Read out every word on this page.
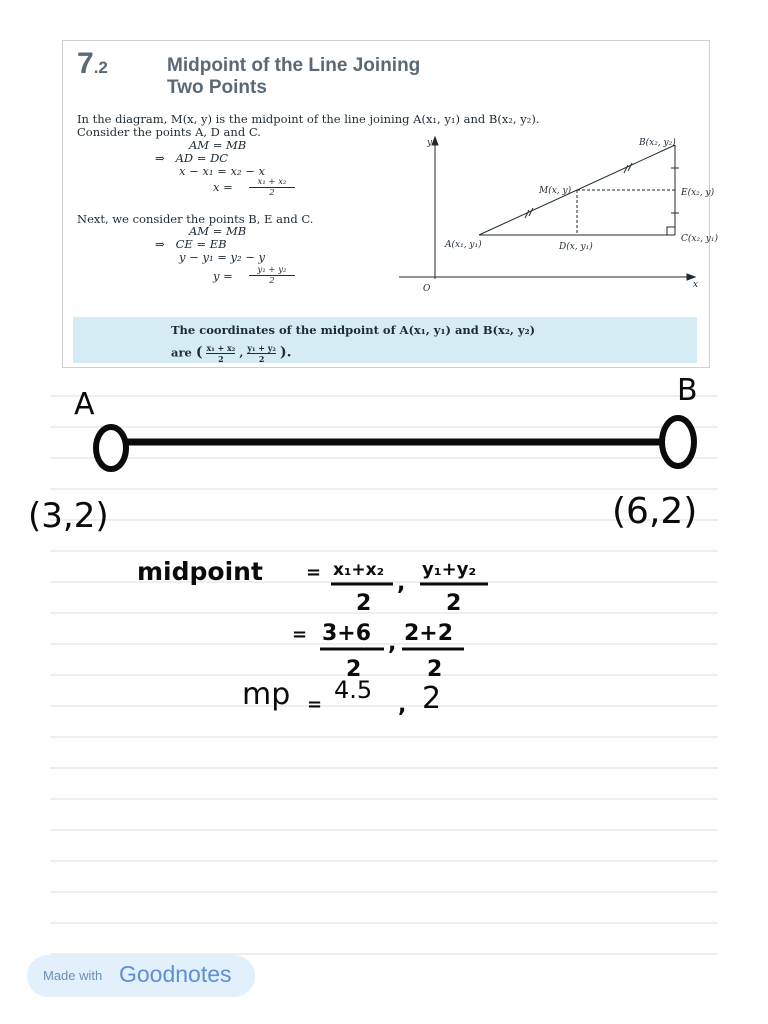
7.2	Midpoint of the Line Joining
Two Points
In the diagram, M(x, y) is the midpoint of the line joining A(x₁, y₁) and B(x₂, y₂).
Consider the points A, D and C.
AM = MB
⇒   AD = DC
x − x₁ = x₂ − x
$x = \frac{\text{x₁ + x₂}}{2}$
Next, we consider the points B, E and C.
AM = MB
⇒   CE = EB
y − y₁ = y₂ − y
$y = \frac{\text{y₁ + y₂}}{2}$
y
x
O
A(x₁, y₁)
B(x₂, y₂)
M(x, y)	E(x₂, y)
D(x, y₁)
C(x₂, y₁)
The coordinates of the midpoint of A(x₁, y₁) and B(x₂, y₂)
are ( $\frac{\text{x₁ + x₂}}{2}$ , $\frac{\text{y₁ + y₂}}{2}$ ).
A	B
(3,2)	(6,2)
midpoint = x₁+x₂
2
,
y₁+y₂
2
= 3+6
2
, 2+2
2
mp =
4.5
, 2
Made with Goodnotes
